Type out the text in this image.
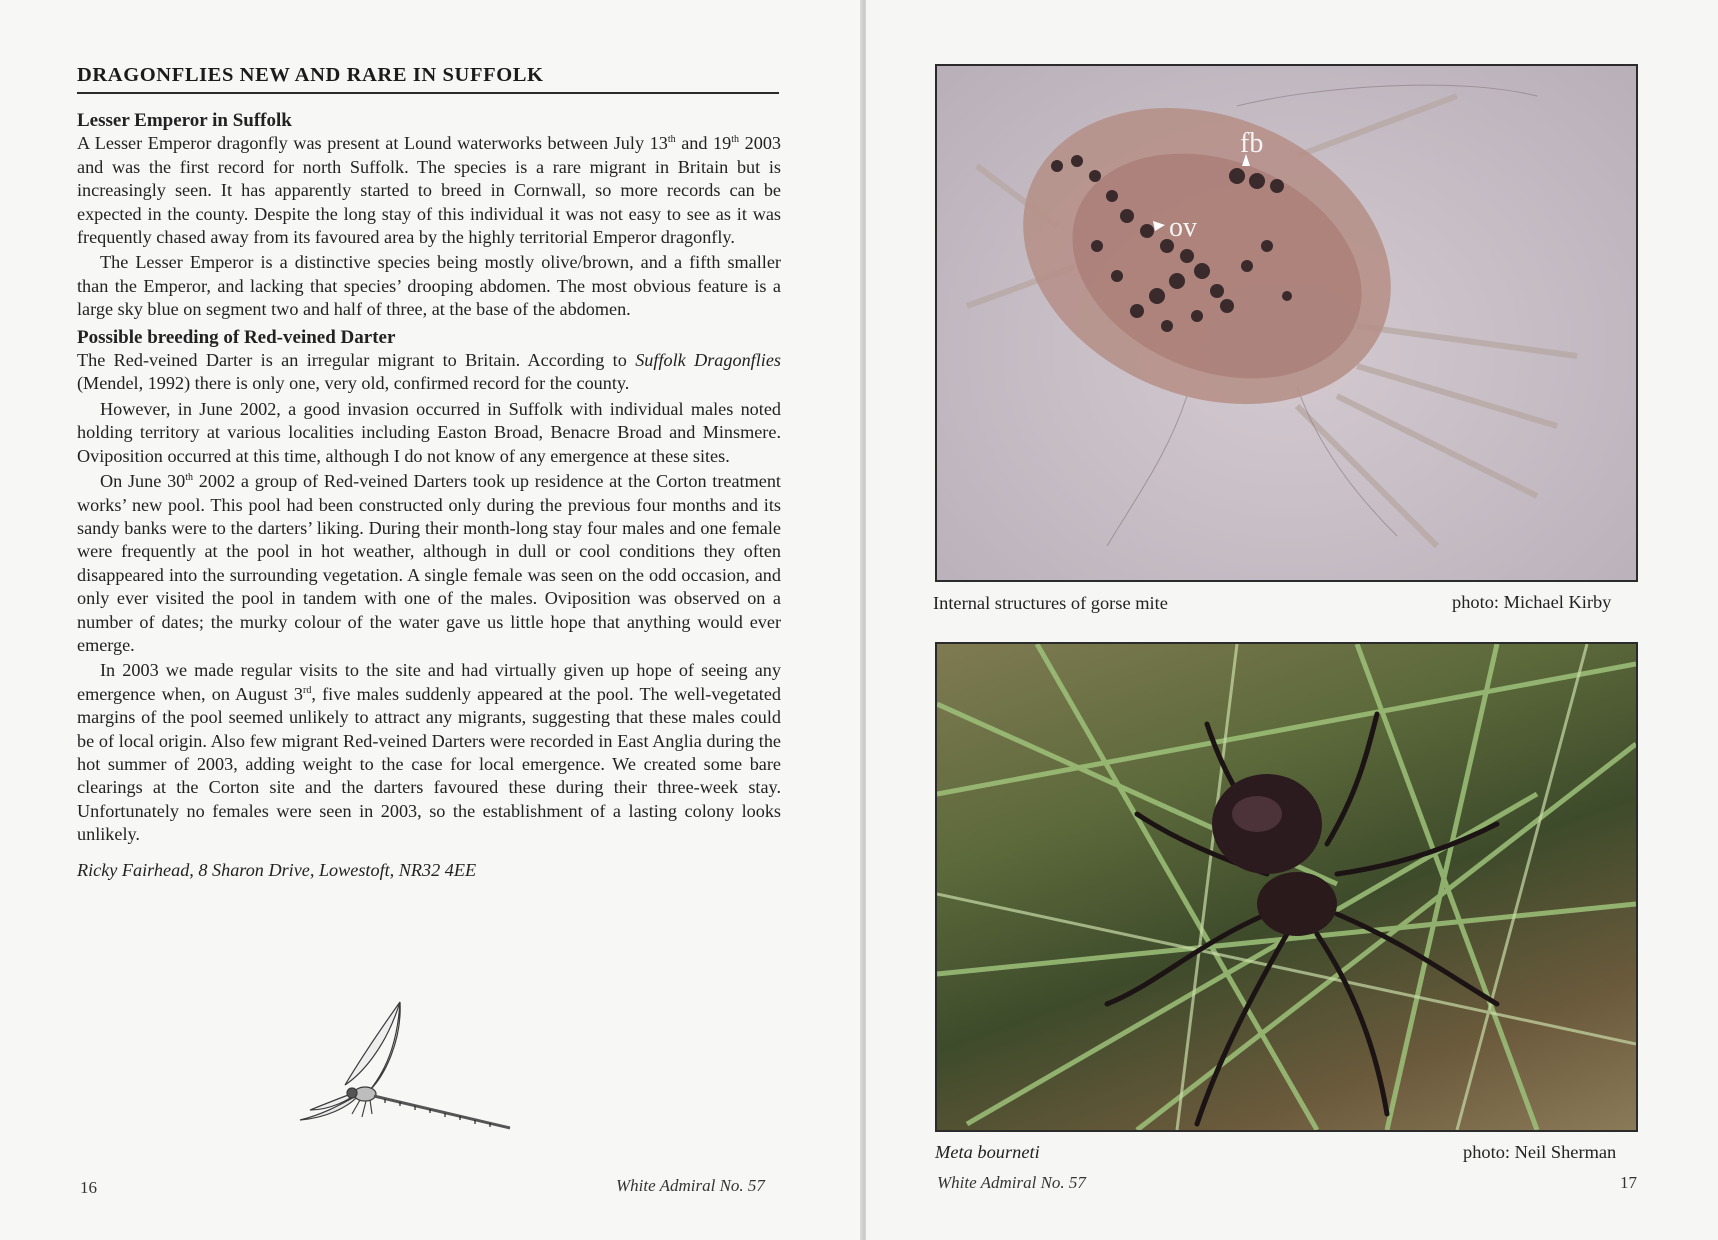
DRAGONFLIES NEW AND RARE IN SUFFOLK

Lesser Emperor in Suffolk

A Lesser Emperor dragonfly was present at Lound waterworks between July 13th and 19th 2003 and was the first record for north Suffolk. The species is a rare migrant in Britain but is increasingly seen. It has apparently started to breed in Cornwall, so more records can be expected in the county. Despite the long stay of this individual it was not easy to see as it was frequently chased away from its favoured area by the highly territorial Emperor dragonfly.

The Lesser Emperor is a distinctive species being mostly olive/brown, and a fifth smaller than the Emperor, and lacking that species’ drooping abdomen. The most obvious feature is a large sky blue on segment two and half of three, at the base of the abdomen.

Possible breeding of Red-veined Darter

The Red-veined Darter is an irregular migrant to Britain. According to Suffolk Dragonflies (Mendel, 1992) there is only one, very old, confirmed record for the county.

However, in June 2002, a good invasion occurred in Suffolk with individual males noted holding territory at various localities including Easton Broad, Benacre Broad and Minsmere. Oviposition occurred at this time, although I do not know of any emergence at these sites.

On June 30th 2002 a group of Red-veined Darters took up residence at the Corton treatment works’ new pool. This pool had been constructed only during the previous four months and its sandy banks were to the darters’ liking. During their month-long stay four males and one female were frequently at the pool in hot weather, although in dull or cool conditions they often disappeared into the surrounding vegetation. A single female was seen on the odd occasion, and only ever visited the pool in tandem with one of the males. Oviposition was observed on a number of dates; the murky colour of the water gave us little hope that anything would ever emerge.

In 2003 we made regular visits to the site and had virtually given up hope of seeing any emergence when, on August 3rd, five males suddenly appeared at the pool. The well-vegetated margins of the pool seemed unlikely to attract any migrants, suggesting that these males could be of local origin. Also few migrant Red-veined Darters were recorded in East Anglia during the hot summer of 2003, adding weight to the case for local emergence. We created some bare clearings at the Corton site and the darters favoured these during their three-week stay. Unfortunately no females were seen in 2003, so the establishment of a lasting colony looks unlikely.

Ricky Fairhead, 8 Sharon Drive, Lowestoft, NR32 4EE

16	White Admiral No. 57
fb
ov
Internal structures of gorse mite	photo: Michael Kirby
Meta bourneti	photo: Neil Sherman
White Admiral No. 57	17
